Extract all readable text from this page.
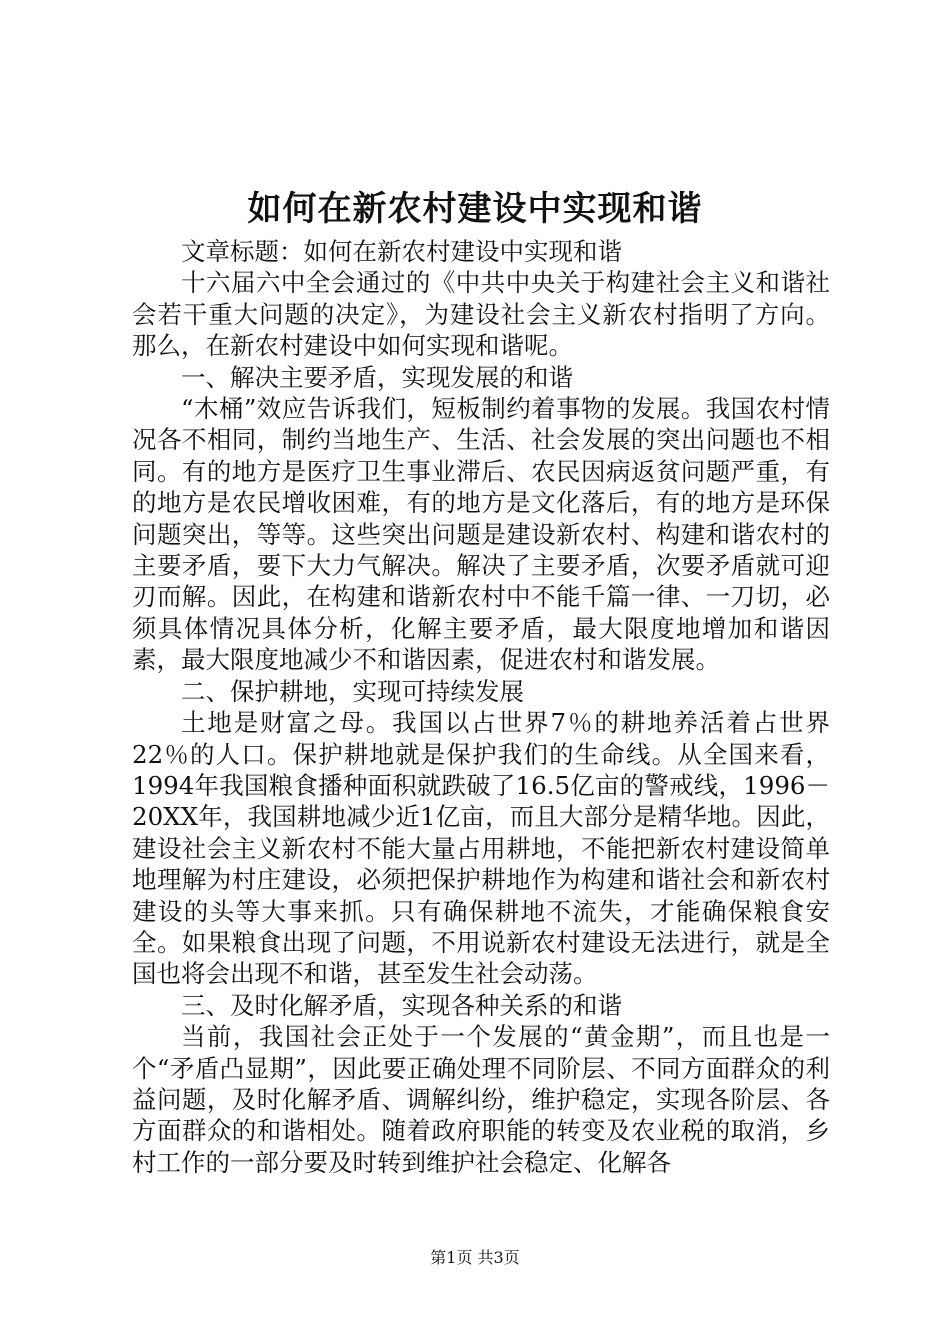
如何在新农村建设中实现和谐

文章标题：如何在新农村建设中实现和谐

十六届六中全会通过的《中共中央关于构建社会主义和谐社会若干重大问题的决定》，为建设社会主义新农村指明了方向。那么，在新农村建设中如何实现和谐呢。

一、解决主要矛盾，实现发展的和谐

“木桶”效应告诉我们，短板制约着事物的发展。我国农村情况各不相同，制约当地生产、生活、社会发展的突出问题也不相同。有的地方是医疗卫生事业滞后、农民因病返贫问题严重，有的地方是农民增收困难，有的地方是文化落后，有的地方是环保问题突出，等等。这些突出问题是建设新农村、构建和谐农村的主要矛盾，要下大力气解决。解决了主要矛盾，次要矛盾就可迎刃而解。因此，在构建和谐新农村中不能千篇一律、一刀切，必须具体情况具体分析，化解主要矛盾，最大限度地增加和谐因素，最大限度地减少不和谐因素，促进农村和谐发展。

二、保护耕地，实现可持续发展

土地是财富之母。我国以占世界7％的耕地养活着占世界22％的人口。保护耕地就是保护我们的生命线。从全国来看，1994年我国粮食播种面积就跌破了16.5亿亩的警戒线，1996－20XX年，我国耕地减少近1亿亩，而且大部分是精华地。因此，建设社会主义新农村不能大量占用耕地，不能把新农村建设简单地理解为村庄建设，必须把保护耕地作为构建和谐社会和新农村建设的头等大事来抓。只有确保耕地不流失，才能确保粮食安全。如果粮食出现了问题，不用说新农村建设无法进行，就是全国也将会出现不和谐，甚至发生社会动荡。

三、及时化解矛盾，实现各种关系的和谐

当前，我国社会正处于一个发展的“黄金期”，而且也是一个“矛盾凸显期”，因此要正确处理不同阶层、不同方面群众的利益问题，及时化解矛盾、调解纠纷，维护稳定，实现各阶层、各方面群众的和谐相处。随着政府职能的转变及农业税的取消，乡村工作的一部分要及时转到维护社会稳定、化解各

第1页 共3页
